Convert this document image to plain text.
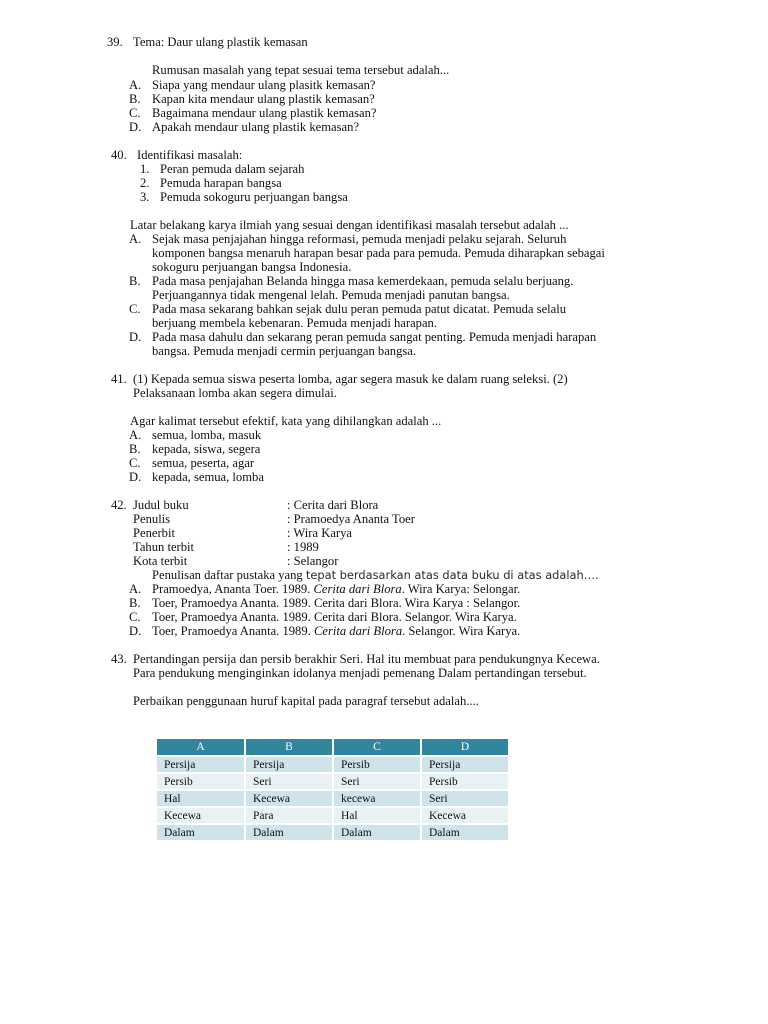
39. Tema: Daur ulang plastik kemasan
Rumusan masalah yang tepat sesuai tema tersebut adalah...
A. Siapa yang mendaur ulang plasitk kemasan?
B. Kapan kita mendaur ulang plastik kemasan?
C. Bagaimana mendaur ulang plastik kemasan?
D. Apakah mendaur ulang plastik kemasan?
40. Identifikasi masalah:
1. Peran pemuda dalam sejarah
2. Pemuda harapan bangsa
3. Pemuda sokoguru perjuangan bangsa
Latar belakang karya ilmiah yang sesuai dengan identifikasi masalah tersebut adalah ...
A. Sejak masa penjajahan hingga reformasi, pemuda menjadi pelaku sejarah. Seluruh
komponen bangsa menaruh harapan besar pada para pemuda. Pemuda diharapkan sebagai
sokoguru perjuangan bangsa Indonesia.
B. Pada masa penjajahan Belanda hingga masa kemerdekaan, pemuda selalu berjuang.
Perjuangannya tidak mengenal lelah. Pemuda menjadi panutan bangsa.
C. Pada masa sekarang bahkan sejak dulu peran pemuda patut dicatat. Pemuda selalu
berjuang membela kebenaran. Pemuda menjadi harapan.
D. Pada masa dahulu dan sekarang peran pemuda sangat penting. Pemuda menjadi harapan
bangsa. Pemuda menjadi cermin perjuangan bangsa.
41. (1) Kepada semua siswa peserta lomba, agar segera masuk ke dalam ruang seleksi. (2)
Pelaksanaan lomba akan segera dimulai.
Agar kalimat tersebut efektif, kata yang dihilangkan adalah ...
A. semua, lomba, masuk
B. kepada, siswa, segera
C. semua, peserta, agar
D. kepada, semua, lomba
42. Judul buku	: Cerita dari Blora
Penulis	: Pramoedya Ananta Toer
Penerbit	: Wira Karya
Tahun terbit	: 1989
Kota terbit	: Selangor
Penulisan daftar pustaka yang tepat berdasarkan atas data buku di atas adalah….
A. Pramoedya, Ananta Toer. 1989. Cerita dari Blora. Wira Karya: Selongar.
B. Toer, Pramoedya Ananta. 1989. Cerita dari Blora. Wira Karya : Selangor.
C. Toer, Pramoedya Ananta. 1989. Cerita dari Blora. Selangor. Wira Karya.
D. Toer, Pramoedya Ananta. 1989. Cerita dari Blora. Selangor. Wira Karya.
43. Pertandingan persija dan persib berakhir Seri. Hal itu membuat para pendukungnya Kecewa.
Para pendukung menginginkan idolanya menjadi pemenang Dalam pertandingan tersebut.
Perbaikan penggunaan huruf kapital pada paragraf tersebut adalah....
A	B	C	D
Persija	Persija	Persib	Persija
Persib	Seri	Seri	Persib
Hal	Kecewa	kecewa	Seri
Kecewa	Para	Hal	Kecewa
Dalam	Dalam	Dalam	Dalam
